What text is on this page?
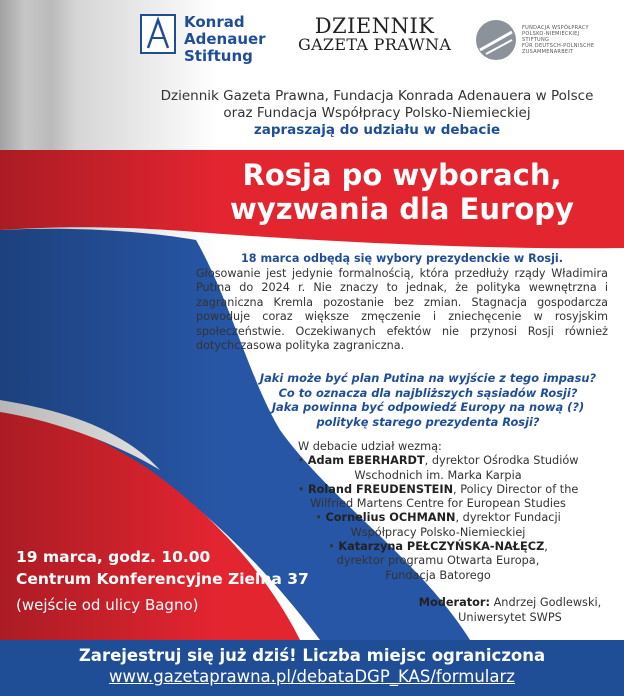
Konrad
Adenauer
Stiftung
DZIENNIK
GAZETA PRAWNA
FUNDACJA WSPÓŁPRACY
POLSKO-NIEMIECKIEJ
STIFTUNG
FÜR DEUTSCH-POLNISCHE
ZUSAMMENARBEIT
Dziennik Gazeta Prawna, Fundacja Konrada Adenauera w Polsce
oraz Fundacja Współpracy Polsko-Niemieckiej
zapraszają do udziału w debacie
Rosja po wyborach,
wyzwania dla Europy
18 marca odbędą się wybory prezydenckie w Rosji.
Głosowanie jest jedynie formalnością, która przedłuży rządy Władimira Putina do 2024 r. Nie znaczy to jednak, że polityka wewnętrzna i zagraniczna Kremla pozostanie bez zmian. Stagnacja gospodarcza powoduje coraz większe zmęczenie i zniechęcenie w rosyjskim społeczeństwie. Oczekiwanych efektów nie przynosi Rosji również dotychczasowa polityka zagraniczna.
Jaki może być plan Putina na wyjście z tego impasu?
Co to oznacza dla najbliższych sąsiadów Rosji?
Jaka powinna być odpowiedź Europy na nową (?)
politykę starego prezydenta Rosji?
W debacie udział wezmą:
• Adam EBERHARDT, dyrektor Ośrodka Studiów
Wschodnich im. Marka Karpia
• Roland FREUDENSTEIN, Policy Director of the
Wilfried Martens Centre for European Studies
• Cornelius OCHMANN, dyrektor Fundacji
Współpracy Polsko-Niemieckiej
• Katarzyna PEŁCZYŃSKA-NAŁĘCZ,
dyrektor programu Otwarta Europa,
Fundacja Batorego
19 marca, godz. 10.00
Centrum Konferencyjne Zielna 37
(wejście od ulicy Bagno)	Moderator: Andrzej Godlewski,
Uniwersytet SWPS
Zarejestruj się już dziś! Liczba miejsc ograniczona
www.gazetaprawna.pl/debataDGP_KAS/formularz
